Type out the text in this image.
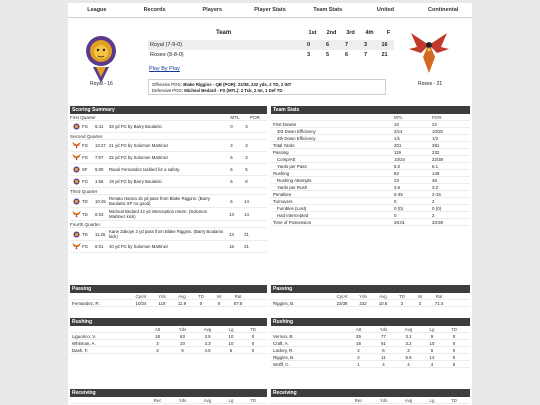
League	Records	Players	Player Stats	Team Stats	United	Continental
Royal - 16	Roses - 21
Team	1st	2nd	3rd	4th	F
Royal (7-9-0)		0	6	7	3	16
Roses (8-8-0)		3	5	6	7	21
Play By Play
Offensive POG: Blake Riggins - QB (POR): 22/38, 232 yds, 2 TD, 2 INT
Defensive POG: Micheal Bedard - FS (MTL): 2 Tck, 2 Int, 1 Def TD
Scoring Summary
First Quarter	MTL	POR
FG	5:41	33 yd FG by Barry Boularisi	0	3
Second Quarter
FG	13:27 21 yd FG by Solomon Martinez	3	3
FG	7:07	32 yd FG by Solomon Martinez	6	3
SF	5:00	Raoul Fernandez tackled for a safety.	6	5
FG	1:55	19 yd FG by Barry Boularisi	6	8
Third Quarter
TD	10:45 Renato Hanna 15 yd pass from Blake Riggins. (Barry Boularisi XP no good)	6	14
TD	6:03	Micheal Bedard 42 yd interception return. (Solomon Martinez kick)	13	14
Fourth Quarter
TD	11:26 Kane Zakoye 3 yd pass from Blake Riggins. (Barry Boularisi kick)	13	21
FG	6:01	40 yd FG by Solomon Martinez	16	21
Team Stats
MTL	POR
First Downs	10	22
3rd Down Efficiency	3/14	10/20
4th Down Efficiency	1/1	1/2
Total Yards	201	381
Passing	119	232
Comp/Att	10/24	22/38
Yards per Pass	5.0	6.1
Rushing	82	149
Rushing Attempts	23	46
Yards per Rush	3.6	3.2
Penalties	6-35	2-15
Turnovers	0	2
Fumbles (Lost)	0 (0)	0 (0)
Had Intercepted	0	2
Time of Possession	26:01	33:59
Passing
Cp/At	Yds	Avg	TD	Int	Rat
Fernandez, R.	10/24	119	11.9	0	0	57.5
Passing
Cp/At	Yds	Avg	TD	Int	Rat
Riggins, B.	22/38	232	10.5	2	2	71.4
Rushing
Att	Yds	Avg	Lg	TD
Liguorico, V.	18	63	3.5	10	0
Whitman, A.	3	10	3.3	10	0
Dash, F.	2	9	4.5	6	0
Rushing
Att	Yds	Avg	Lg	TD
Vernon, B.	25	77	3.1	9	0
Craft, A.	16	51	3.2	10	0
Lackey, R.	2	6	3	5	0
Riggins, B.	2	11	5.5	14	0
Wolff, C.	1	4	4	4	0
Receiving
Rec	Yds	Avg	Lg	TD
Receiving
Rec	Yds	Avg	Lg	TD
